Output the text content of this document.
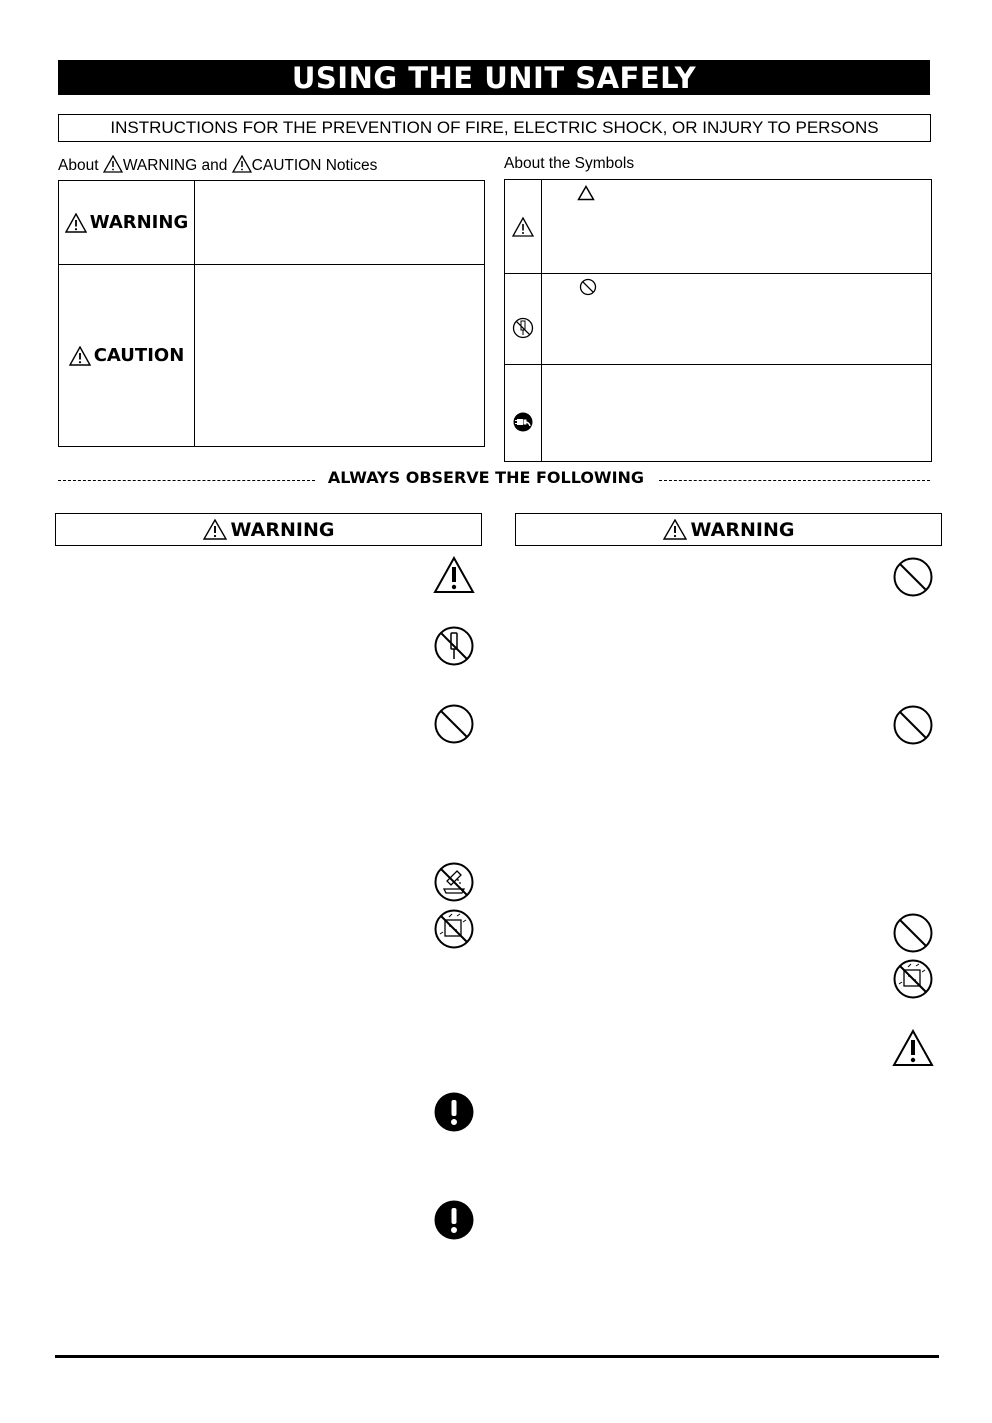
USING THE UNIT SAFELY
INSTRUCTIONS FOR THE PREVENTION OF FIRE, ELECTRIC SHOCK, OR INJURY TO PERSONS
About WARNING and CAUTION Notices	About the Symbols
WARNING	

CAUTION	

ALWAYS OBSERVE THE FOLLOWING
WARNING	WARNING
